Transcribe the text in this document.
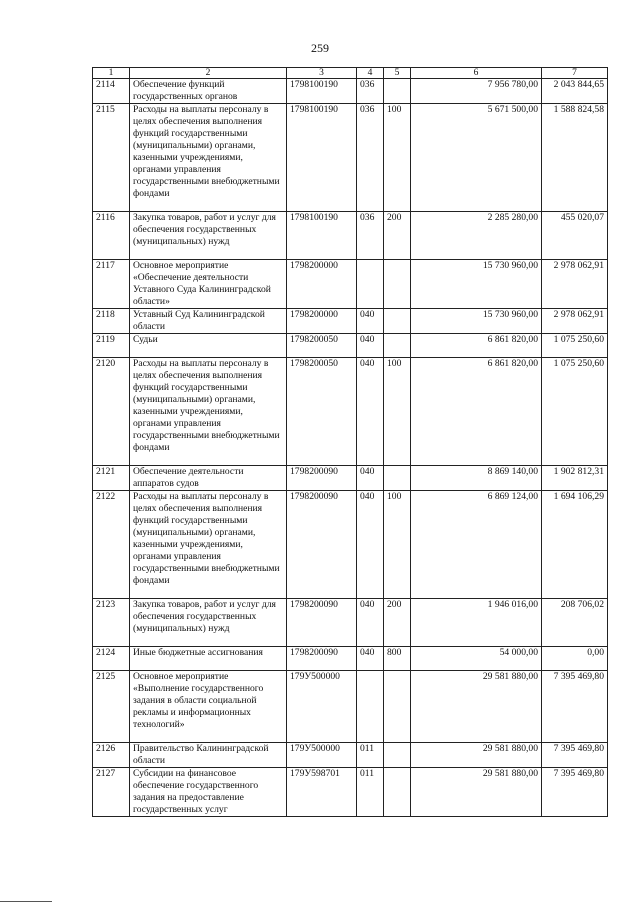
259
1	2	3	4	5	6	7
2114	Обеспечение функций государственных органов	1798100190	036		7 956 780,00	2 043 844,65
2115	Расходы на выплаты персоналу в целях обеспечения выполнения функций государственными (муниципальными) органами, казенными учреждениями, органами управления государственными внебюджетными фондами	1798100190	036	100	5 671 500,00	1 588 824,58
2116	Закупка товаров, работ и услуг для обеспечения государственных (муниципальных) нужд	1798100190	036	200	2 285 280,00	455 020,07
2117	Основное мероприятие «Обеспечение деятельности Уставного Суда Калининградской области»	1798200000			15 730 960,00	2 978 062,91
2118	Уставный Суд Калининградской области	1798200000	040		15 730 960,00	2 978 062,91
2119	Судьи	1798200050	040		6 861 820,00	1 075 250,60
2120	Расходы на выплаты персоналу в целях обеспечения выполнения функций государственными (муниципальными) органами, казенными учреждениями, органами управления государственными внебюджетными фондами	1798200050	040	100	6 861 820,00	1 075 250,60
2121	Обеспечение деятельности аппаратов судов	1798200090	040		8 869 140,00	1 902 812,31
2122	Расходы на выплаты персоналу в целях обеспечения выполнения функций государственными (муниципальными) органами, казенными учреждениями, органами управления государственными внебюджетными фондами	1798200090	040	100	6 869 124,00	1 694 106,29
2123	Закупка товаров, работ и услуг для обеспечения государственных (муниципальных) нужд	1798200090	040	200	1 946 016,00	208 706,02
2124	Иные бюджетные ассигнования	1798200090	040	800	54 000,00	0,00
2125	Основное мероприятие «Выполнение государственного задания в области социальной рекламы и информационных технологий»	179У500000			29 581 880,00	7 395 469,80
2126	Правительство Калининградской области	179У500000	011		29 581 880,00	7 395 469,80
2127	Субсидии на финансовое обеспечение государственного задания на предоставление государственных услуг	179У598701	011		29 581 880,00	7 395 469,80
